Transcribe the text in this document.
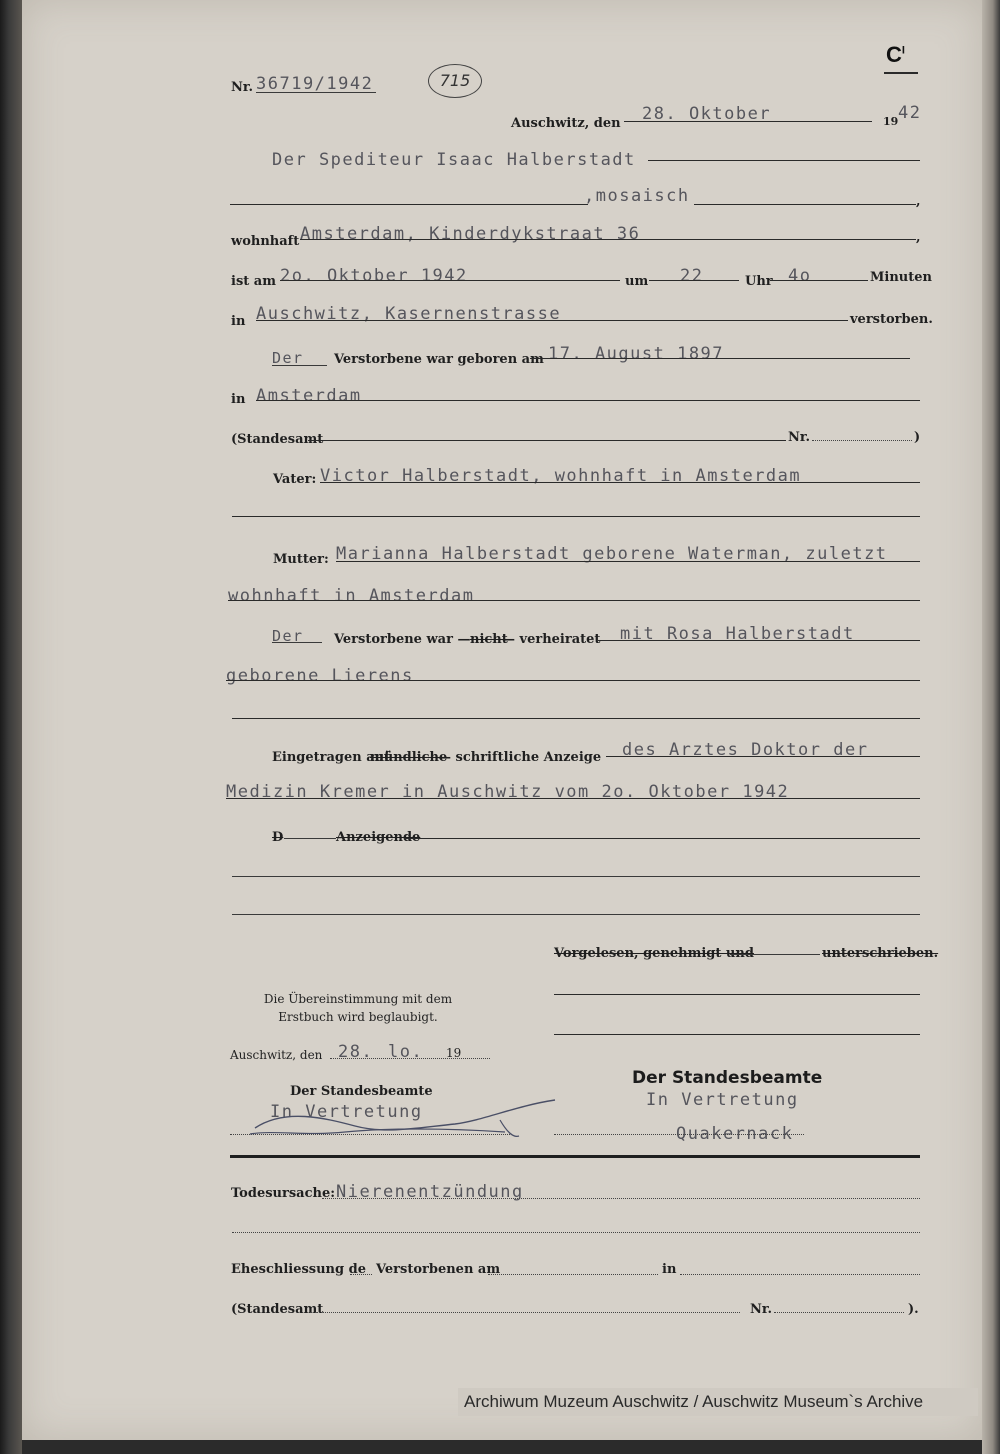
$C^I$
Nr. 36719/1942	715
Auschwitz, den 28. Oktober	19 42
Der Spediteur Isaac Halberstadt
,mosaisch	,
wohnhaft Amsterdam, Kinderdykstraat 36	,
ist am 2o. Oktober 1942	um 22	Uhr 4o	Minuten
in Auschwitz, Kasernenstrasse	verstorben.
Der Verstorbene war geboren am 17. August 1897
in Amsterdam
(Standesamt	Nr.	)
Vater: Victor Halberstadt, wohnhaft in Amsterdam
Mutter: Marianna Halberstadt geborene Waterman, zuletzt
wohnhaft in Amsterdam
Der Verstorbene war — nicht
— verheiratet mit Rosa Halberstadt
geborene Lierens
Eingetragen auf
mündliche
— schriftliche Anzeige des Arztes Doktor der
Medizin Kremer in Auschwitz vom 2o. Oktober 1942
D	Anzeigende
Vorgelesen, genehmigt und	unterschrieben.
Die Übereinstimmung mit dem
Erstbuch wird beglaubigt.
Auschwitz, den 28. lo. 19
Der Standesbeamte
In Vertretung
Der Standesbeamte
In Vertretung
Quakernack
Todesursache: Nierenentzündung
Eheschliessung de Verstorbenen am	in
(Standesamt	Nr.	).
Archiwum Muzeum Auschwitz / Auschwitz Museum`s Archive
